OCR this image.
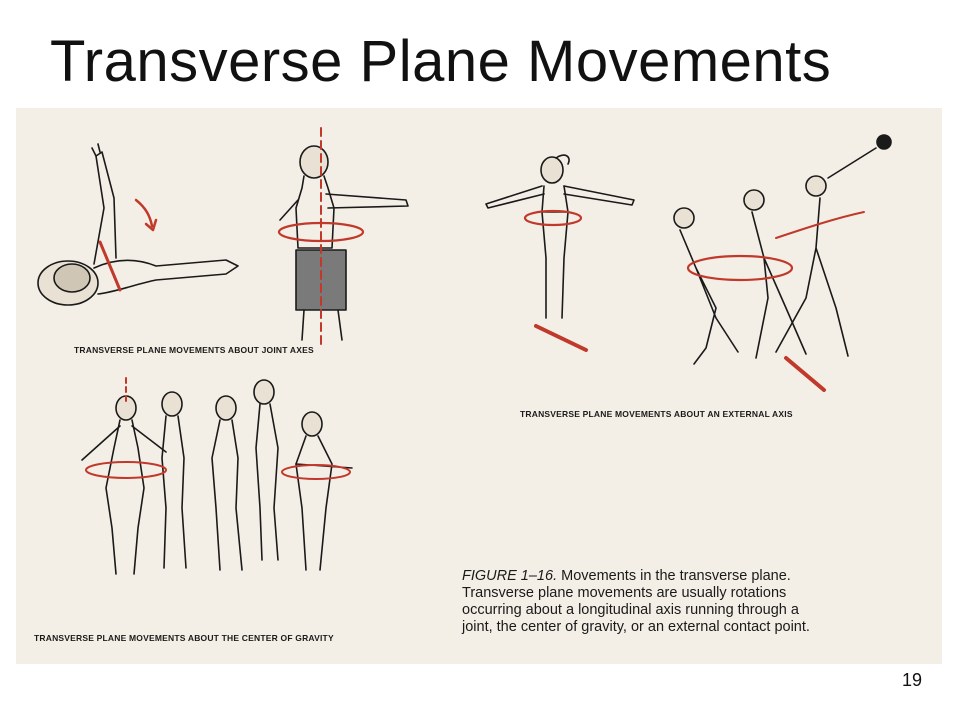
Transverse Plane Movements
TRANSVERSE PLANE MOVEMENTS ABOUT JOINT AXES
TRANSVERSE PLANE MOVEMENTS ABOUT AN EXTERNAL AXIS
TRANSVERSE PLANE MOVEMENTS ABOUT THE CENTER OF GRAVITY
FIGURE 1–16. Movements in the transverse plane.
Transverse plane movements are usually rotations
occurring about a longitudinal axis running through a
joint, the center of gravity, or an external contact point.
19
